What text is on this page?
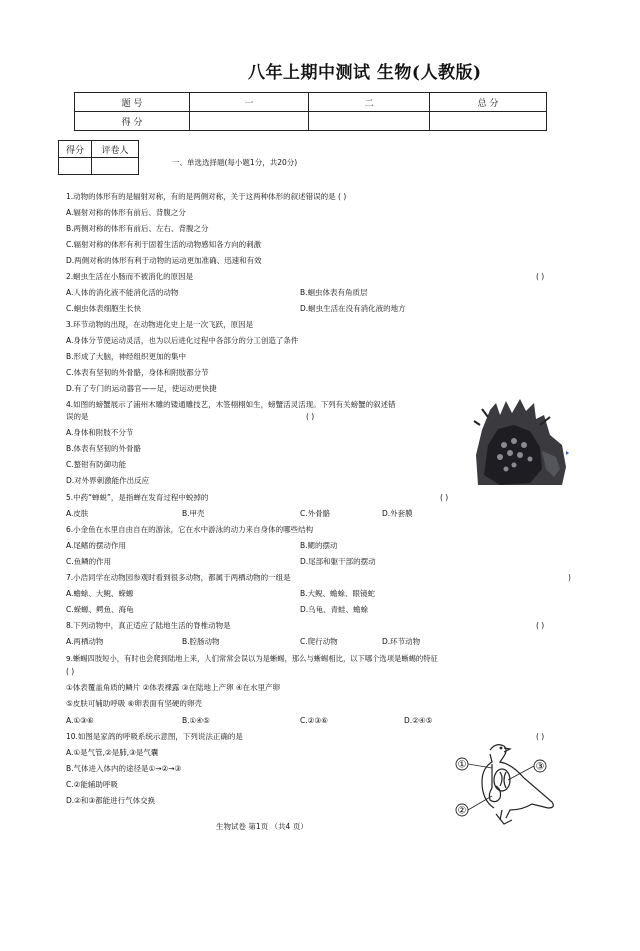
八年上期中测试 生物(人教版)
题 号	一	二	总 分
得 分			
得分	评卷人

一、单选选择题(每小题1分，共20分)
1.动物的体形有的是辐射对称，有的是两侧对称，关于这两种体形的叙述错误的是 ( )
A.辐射对称的体形有前后、背腹之分
B.两侧对称的体形有前后、左右、背腹之分
C.辐射对称的体形有利于固着生活的动物感知各方向的刺激
D.两侧对称的体形有利于动物的运动更加准确、迅速和有效
2.蛔虫生活在小肠而不被消化的原因是	( )
A.人体的消化液不能消化活的动物	B.蛔虫体表有角质层
C.蛔虫体表细胞生长快	D.蛔虫生活在没有消化液的地方
3.环节动物的出现，在动物进化史上是一次飞跃，原因是
A.身体分节使运动灵活，也为以后进化过程中各部分的分工创造了条件
B.形成了大脑，神经组织更加的集中
C.体表有坚韧的外骨骼，身体和附肢都分节
D.有了专门的运动器官——足，使运动更快捷
4.如图的螃蟹展示了浦州木雕的镂通雕技艺，木签栩栩如生，螃蟹活灵活现。下列有关螃蟹的叙述错
误的是	( )
A.身体和附肢不分节
B.体表有坚韧的外骨骼
C.螯钳有防御功能
D.对外界刺激能作出反应
5.中药“蝉蜕”，是指蝉在发育过程中蜕掉的	( )
A.皮肤	B.甲壳	C.外骨骼	D.外套膜
6.小金鱼在水里自由自在的游泳，它在水中游泳的动力来自身体的哪些结构
A.尾鳍的摆动作用	B.鳃的摆动
C.鱼鳞的作用	D.尾部和躯干部的摆动
7.小浩同学在动物园参观时看到很多动物，都属于两栖动物的一组是	)
A.蟾蜍、大鲵、蝾螈	B.大鲵、蟾蜍、眼镜蛇
C.蝾螈、鳄鱼、海龟	D.乌龟、青蛙、蟾蜍
8.下列动物中，真正适应了陆地生活的脊椎动物是	( )
A.两栖动物	B.腔肠动物	C.爬行动物	D.环节动物
9.蜥蜴四肢短小，有时也会爬到陆地上来，人们常常会误以为是蜥蜴，那么与蜥蜴相比，以下哪个选项是蜥蜴的特征
( )
①体表覆盖角质的鳞片 ②体表裸露 ③在陆地上产卵 ④在水里产卵
⑤皮肤可辅助呼吸 ⑥卵表面有坚硬的卵壳
A.①③⑥	B.①④⑤	C.②③⑥	D.②④⑤
10.如图是家鸽的呼吸系统示意图，下列说法正确的是	( )
A.①是气管,②是肺,③是气囊
B.气体进入体内的途径是①→②→③
C.②能辅助呼吸
D.②和③都能进行气体交换
①
②
③
生物试卷 第1页 （共4 页）
